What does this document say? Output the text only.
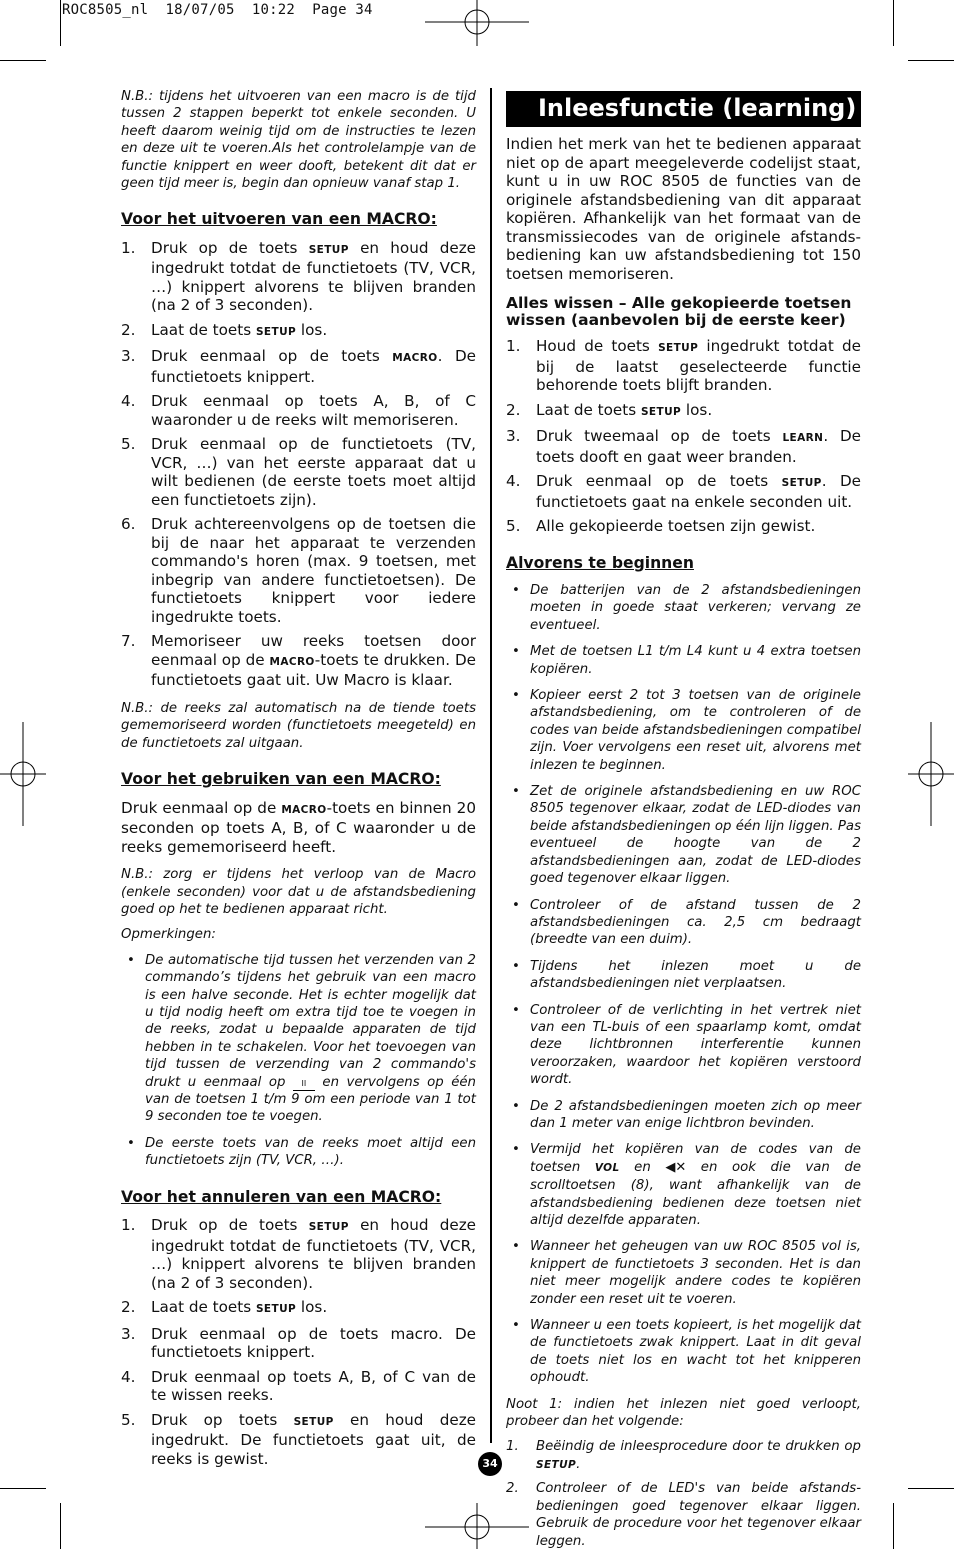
ROC8505_nl  18/07/05  10:22  Page 34

N.B.: tijdens het uitvoeren van een macro is de tijd tussen 2 stappen beperkt tot enkele seconden. U heeft daarom weinig tijd om de instructies te lezen en deze uit te voeren.Als het controlelampje van de functie knippert en weer dooft, betekent dit dat er geen tijd meer is, begin dan opnieuw vanaf stap 1.

Voor het uitvoeren van een MACRO:
1. Druk op de toets SETUP en houd deze ingedrukt totdat de functietoets (TV, VCR, …) knippert alvorens te blijven branden (na 2 of 3 seconden).
2. Laat de toets SETUP los.
3. Druk eenmaal op de toets MACRO. De functietoets knippert.
4. Druk eenmaal op toets A, B, of C waaronder u de reeks wilt memoriseren.
5. Druk eenmaal op de functietoets (TV, VCR, …) van het eerste apparaat dat u wilt bedienen (de eerste toets moet altijd een functietoets zijn).
6. Druk achtereenvolgens op de toetsen die bij de naar het apparaat te verzenden commando's horen (max. 9 toetsen, met inbegrip van andere functietoetsen). De functietoets knippert voor iedere ingedrukte toets.
7. Memoriseer uw reeks toetsen door eenmaal op de MACRO-toets te drukken. De functietoets gaat uit. Uw Macro is klaar.

N.B.: de reeks zal automatisch na de tiende toets gememoriseerd worden (functietoets meegeteld) en de functietoets zal uitgaan.

Voor het gebruiken van een MACRO:

Druk eenmaal op de MACRO-toets en binnen 20 seconden op toets A, B, of C waaronder u de reeks gememoriseerd heeft.

N.B.: zorg er tijdens het verloop van de Macro (enkele seconden) voor dat u de afstandsbediening goed op het te bedienen apparaat richt.

Opmerkingen:

• De automatische tijd tussen het verzenden van 2 commando’s tijdens het gebruik van een macro is een halve seconde. Het is echter mogelijk dat u tijd nodig heeft om extra tijd toe te voegen in de reeks, zodat u bepaalde apparaten de tijd hebben in te schakelen. Voor het toevoegen van tijd tussen de verzending van 2 commando's drukt u eenmaal op II en vervolgens op één van de toetsen 1 t/m 9 om een periode van 1 tot 9 seconden toe te voegen.
• De eerste toets van de reeks moet altijd een functietoets zijn (TV, VCR, …).
Voor het annuleren van een MACRO:
1. Druk op de toets SETUP en houd deze ingedrukt totdat de functietoets (TV, VCR, …) knippert alvorens te blijven branden (na 2 of 3 seconden).
2. Laat de toets SETUP los.
3. Druk eenmaal op de toets macro. De functietoets knippert.
4. Druk eenmaal op toets A, B, of C van de te wissen reeks.
5. Druk op toets SETUP en houd deze ingedrukt. De functietoets gaat uit, de reeks is gewist.
Inleesfunctie (learning)

Indien het merk van het te bedienen apparaat niet op de apart meegeleverde codelijst staat, kunt u in uw ROC 8505 de functies van de originele afstandsbediening van dit apparaat kopiëren. Afhankelijk van het formaat van de transmissiecodes van de originele afstands-bediening kan uw afstandsbediening tot 150 toetsen memoriseren.

Alles wissen – Alle gekopieerde toetsen wissen (aanbevolen bij de eerste keer)
1. Houd de toets SETUP ingedrukt totdat de bij de laatst geselecteerde functie behorende toets blijft branden.
2. Laat de toets SETUP los.
3. Druk tweemaal op de toets LEARN. De toets dooft en gaat weer branden.
4. Druk eenmaal op de toets SETUP. De functietoets gaat na enkele seconden uit.
5. Alle gekopieerde toetsen zijn gewist.
Alvorens te beginnen
• De batterijen van de 2 afstandsbedieningen moeten in goede staat verkeren; vervang ze eventueel.
• Met de toetsen L1 t/m L4 kunt u 4 extra toetsen kopiëren.
• Kopieer eerst 2 tot 3 toetsen van de originele afstandsbediening, om te controleren of de codes van beide afstandsbedieningen compatibel zijn. Voer vervolgens een reset uit, alvorens met inlezen te beginnen.
• Zet de originele afstandsbediening en uw ROC 8505 tegenover elkaar, zodat de LED-diodes van beide afstandsbedieningen op één lijn liggen. Pas eventueel de hoogte van de 2 afstandsbedieningen aan, zodat de LED-diodes goed tegenover elkaar liggen.
• Controleer of de afstand tussen de 2 afstandsbedieningen ca. 2,5 cm bedraagt (breedte van een duim).
• Tijdens het inlezen moet u de afstandsbedieningen niet verplaatsen.
• Controleer of de verlichting in het vertrek niet van een TL-buis of een spaarlamp komt, omdat deze lichtbronnen interferentie kunnen veroorzaken, waardoor het kopiëren verstoord wordt.
• De 2 afstandsbedieningen moeten zich op meer dan 1 meter van enige lichtbron bevinden.
• Vermijd het kopiëren van de codes van de toetsen VOL en ◀✕ en ook die van de scrolltoetsen (8), want afhankelijk van de afstandsbediening bedienen deze toetsen niet altijd dezelfde apparaten.
• Wanneer het geheugen van uw ROC 8505 vol is, knippert de functietoets 3 seconden. Het is dan niet meer mogelijk andere codes te kopiëren zonder een reset uit te voeren.
• Wanneer u een toets kopieert, is het mogelijk dat de functietoets zwak knippert. Laat in dit geval de toets niet los en wacht tot het knipperen ophoudt.

Noot 1: indien het inlezen niet goed verloopt, probeer dan het volgende:

1. Beëindig de inleesprocedure door te drukken op SETUP.
2. Controleer of de LED's van beide afstands-bedieningen goed tegenover elkaar liggen. Gebruik de procedure voor het tegenover elkaar leggen.
34
